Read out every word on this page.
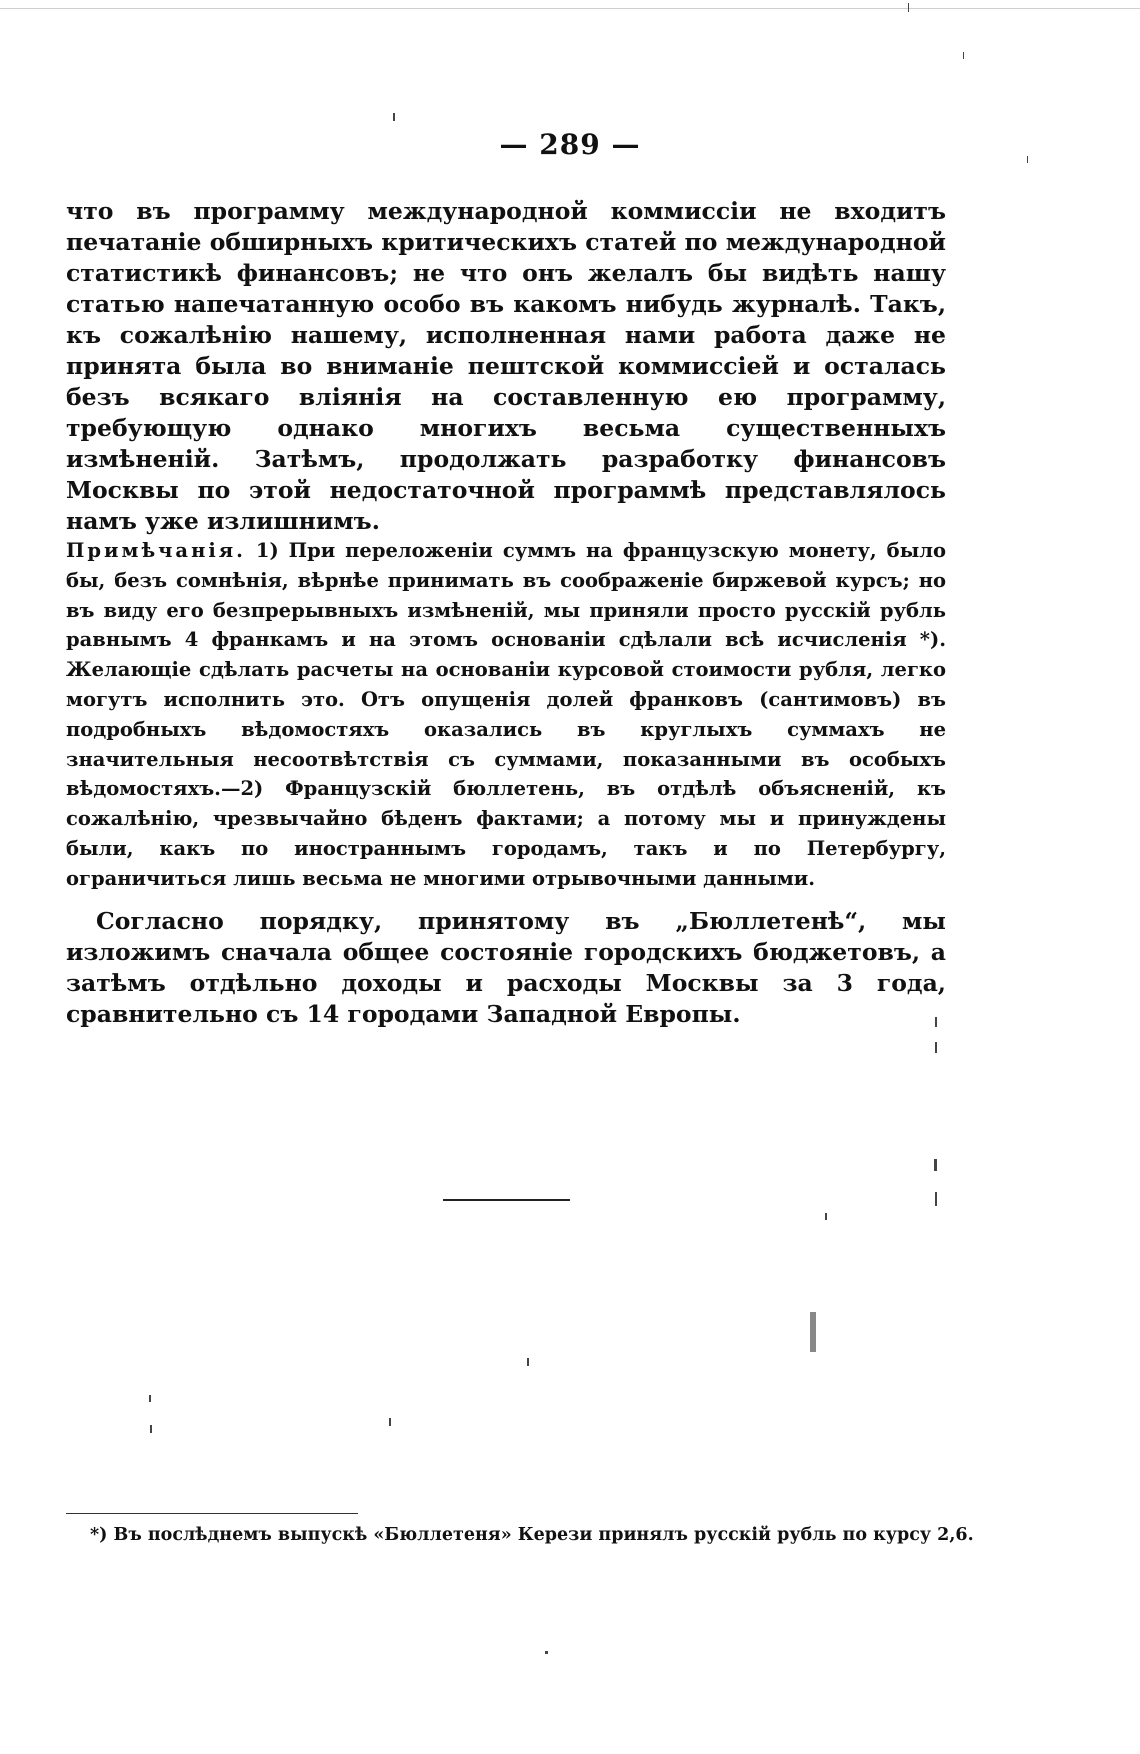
— 289 —

что въ программу международной коммиссіи не входитъ печатаніе обширныхъ критическихъ статей по международной статистикѣ финансовъ; не что онъ желалъ бы видѣть нашу статью напечатанную особо въ какомъ нибудь журналѣ. Такъ, къ сожалѣнію нашему, исполненная нами работа даже не принята была во вниманіе пештской коммиссіей и осталась безъ всякаго вліянія на составленную ею программу, требующую однако многихъ весьма существенныхъ измѣненій. Затѣмъ, продолжать разработку финансовъ Москвы по этой недостаточной программѣ представлялось намъ уже излишнимъ.

Примѣчанія. 1) При переложеніи суммъ на французскую монету, было бы, безъ сомнѣнія, вѣрнѣе принимать въ соображеніе биржевой курсъ; но въ виду его безпрерывныхъ измѣненій, мы приняли просто русскій рубль равнымъ 4 франкамъ и на этомъ основаніи сдѣлали всѣ исчисленія *). Желающіе сдѣлать расчеты на основаніи курсовой стоимости рубля, легко могутъ исполнить это. Отъ опущенія долей франковъ (сантимовъ) въ подробныхъ вѣдомостяхъ оказались въ круглыхъ суммахъ не значительныя несоотвѣтствія съ суммами, показанными въ особыхъ вѣдомостяхъ.—2) Французскій бюллетень, въ отдѣлѣ объясненій, къ сожалѣнію, чрезвычайно бѣденъ фактами; а потому мы и принуждены были, какъ по иностраннымъ городамъ, такъ и по Петербургу, ограничиться лишь весьма не многими отрывочными данными.

Согласно порядку, принятому въ „Бюллетенѣ“, мы изложимъ сначала общее состояніе городскихъ бюджетовъ, а затѣмъ отдѣльно доходы и расходы Москвы за 3 года, сравнительно съ 14 городами Западной Европы.

*) Въ послѣднемъ выпускѣ «Бюллетеня» Керези принялъ русскій рубль по курсу 2,6.
